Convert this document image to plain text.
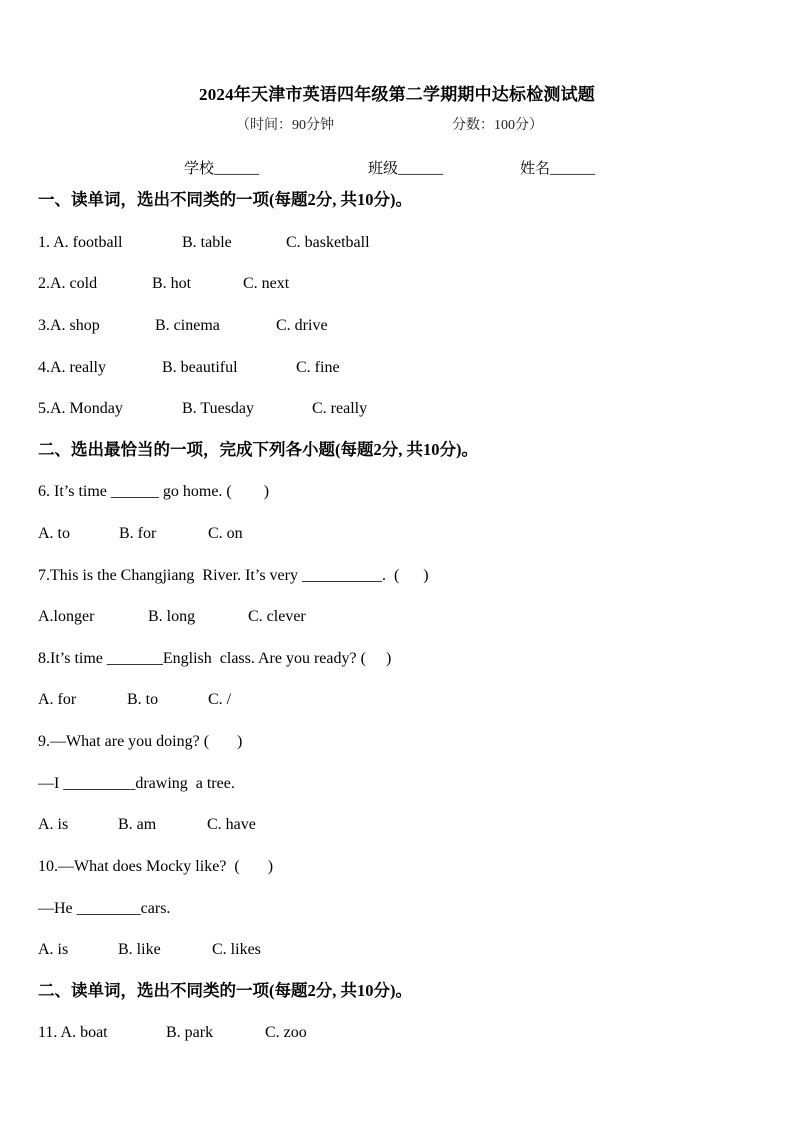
2024年天津市英语四年级第二学期期中达标检测试题
（时间：90分钟	分数：100分）
学校______	班级______	姓名______
一、读单词，选出不同类的一项(每题2分, 共10分)。
1. A. football	B. table	C. basketball
2.A. cold	B. hot	C. next
3.A. shop	B. cinema	C. drive
4.A. really	B. beautiful	C. fine
5.A. Monday	B. Tuesday	C. really
二、选出最恰当的一项，完成下列各小题(每题2分, 共10分)。
6. It’s time ______ go home. (        )
A. to	B. for	C. on
7.This is the Changjiang  River. It’s very __________.  (      )
A.longer	B. long	C. clever
8.It’s time _______English  class. Are you ready? (     )
A. for	B. to	C. /
9.—What are you doing? (       )
—I _________drawing  a tree.
A. is	B. am	C. have
10.—What does Mocky like?  (       )
—He ________cars.
A. is	B. like	C. likes
二、读单词，选出不同类的一项(每题2分, 共10分)。
11. A. boat	B. park	C. zoo
